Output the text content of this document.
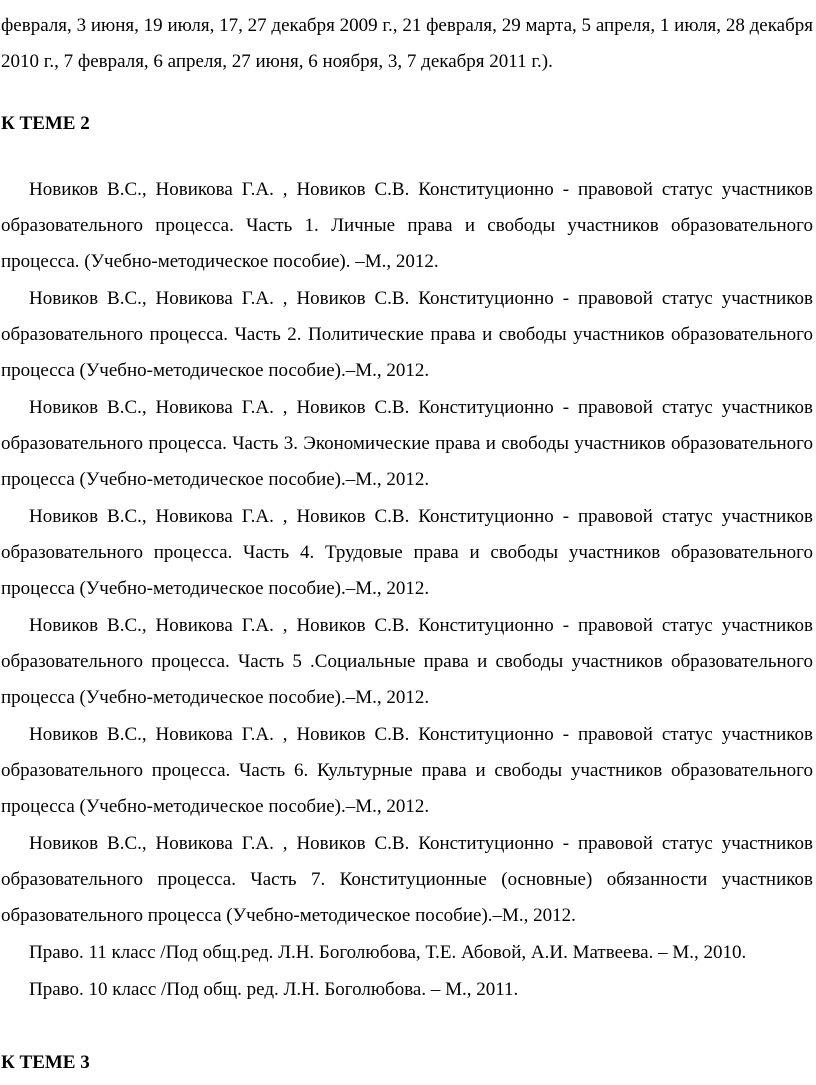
февраля, 3 июня, 19 июля, 17, 27 декабря 2009 г., 21 февраля, 29 марта, 5 апреля, 1 июля, 28 декабря 2010 г., 7 февраля, 6 апреля, 27 июня, 6 ноября, 3, 7 декабря 2011 г.).

К ТЕМЕ 2

Новиков В.С., Новикова Г.А. , Новиков С.В. Конституционно - правовой статус участников образовательного процесса. Часть 1. Личные права и свободы участников образовательного процесса. (Учебно-методическое пособие). –М., 2012.

Новиков В.С., Новикова Г.А. , Новиков С.В. Конституционно - правовой статус участников образовательного процесса. Часть 2. Политические права и свободы участников образовательного процесса (Учебно-методическое пособие).–М., 2012.

Новиков В.С., Новикова Г.А. , Новиков С.В. Конституционно - правовой статус участников образовательного процесса. Часть 3. Экономические права и свободы участников образовательного процесса (Учебно-методическое пособие).–М., 2012.

Новиков В.С., Новикова Г.А. , Новиков С.В. Конституционно - правовой статус участников образовательного процесса. Часть 4. Трудовые права и свободы участников образовательного процесса (Учебно-методическое пособие).–М., 2012.

Новиков В.С., Новикова Г.А. , Новиков С.В. Конституционно - правовой статус участников образовательного процесса. Часть 5 .Социальные права и свободы участников образовательного процесса (Учебно-методическое пособие).–М., 2012.

Новиков В.С., Новикова Г.А. , Новиков С.В. Конституционно - правовой статус участников образовательного процесса. Часть 6. Культурные права и свободы участников образовательного процесса (Учебно-методическое пособие).–М., 2012.

Новиков В.С., Новикова Г.А. , Новиков С.В. Конституционно - правовой статус участников образовательного процесса. Часть 7. Конституционные (основные) обязанности участников образовательного процесса (Учебно-методическое пособие).–М., 2012.

Право. 11 класс /Под общ.ред. Л.Н. Боголюбова, Т.Е. Абовой, А.И. Матвеева. – М., 2010.

Право. 10 класс /Под общ. ред. Л.Н. Боголюбова. – М., 2011.

К ТЕМЕ 3
